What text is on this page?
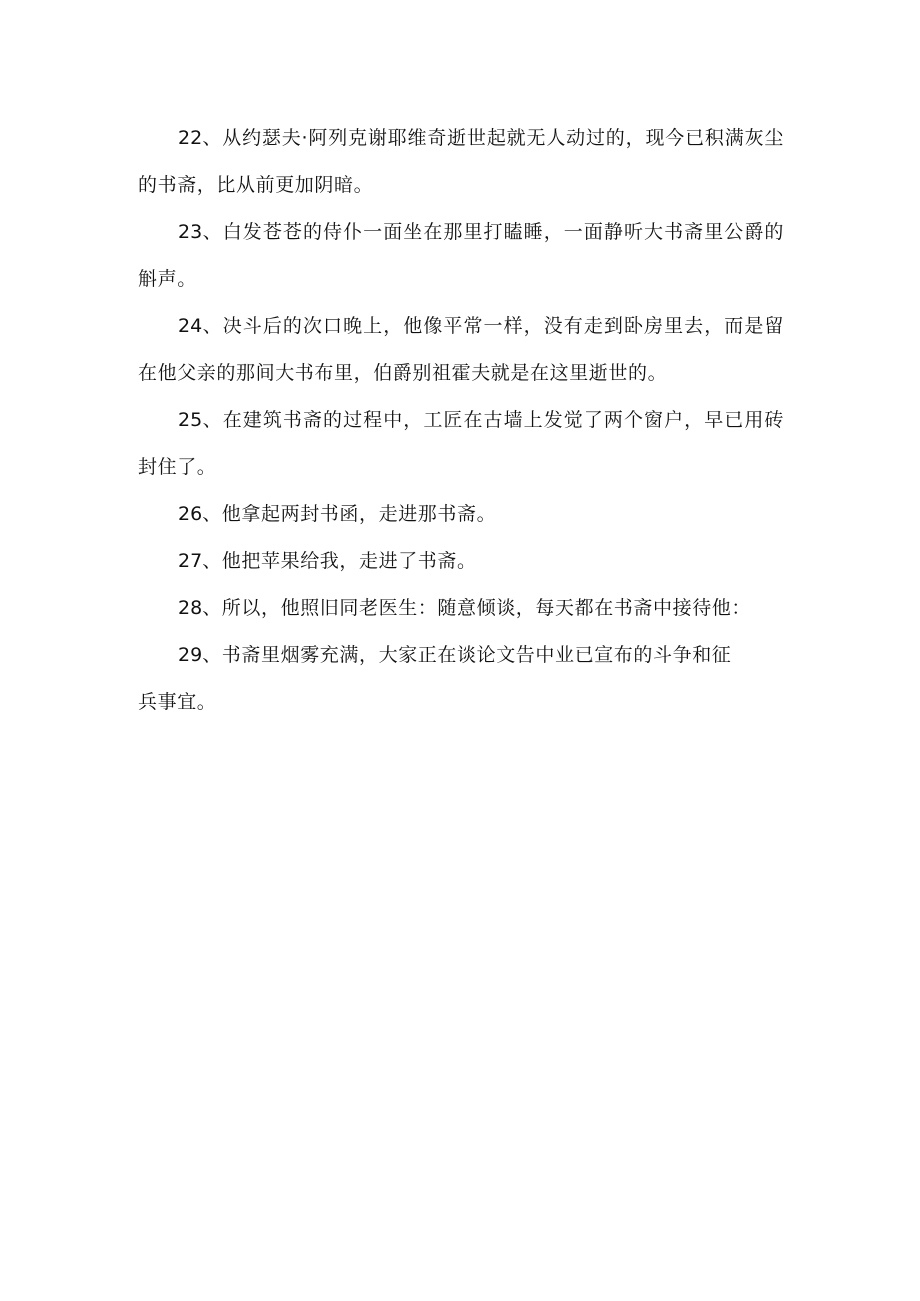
22、从约瑟夫·阿列克谢耶维奇逝世起就无人动过的，现今已积满灰尘的书斋，比从前更加阴暗。

23、白发苍苍的侍仆一面坐在那里打瞌睡，一面静听大书斋里公爵的斛声。

24、决斗后的次口晚上，他像平常一样，没有走到卧房里去，而是留在他父亲的那间大书布里，伯爵别祖霍夫就是在这里逝世的。

25、在建筑书斋的过程中，工匠在古墙上发觉了两个窗户，早已用砖封住了。

26、他拿起两封书函，走进那书斋。

27、他把苹果给我，走进了书斋。

28、所以，他照旧同老医生：随意倾谈，每天都在书斋中接待他：

29、书斋里烟雾充满，大家正在谈论文告中业已宣布的斗争和征
兵事宜。
